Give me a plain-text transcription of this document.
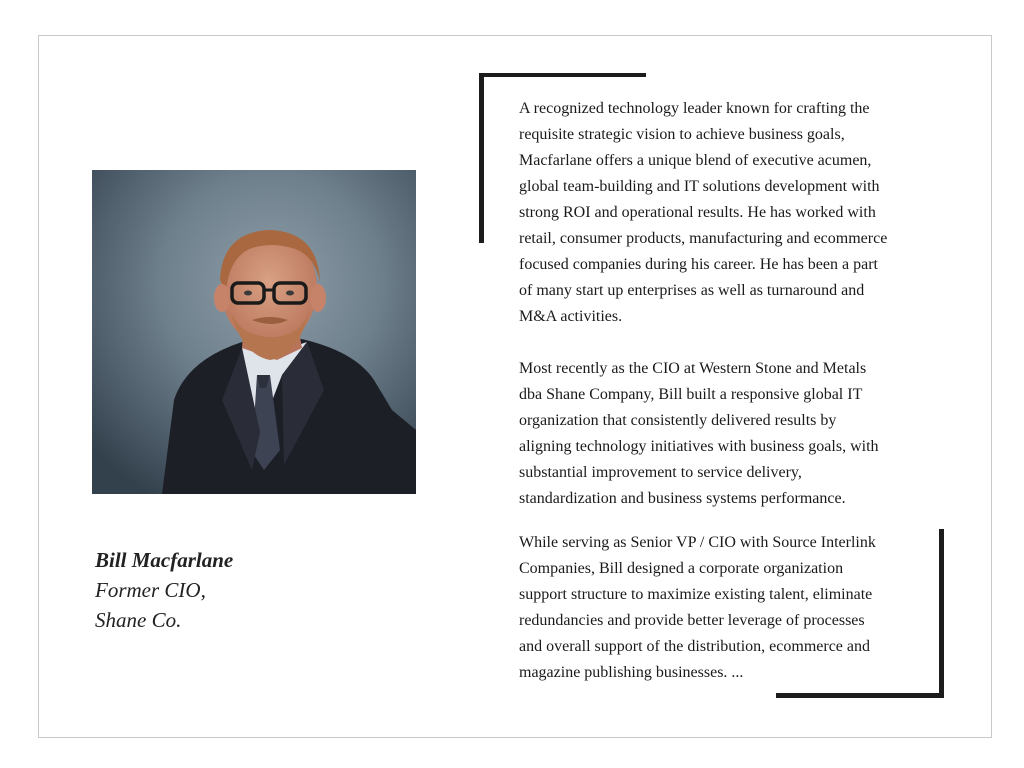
Bill Macfarlane
Former CIO,
Shane Co.

A recognized technology leader known for crafting the
requisite strategic vision to achieve business goals,
Macfarlane offers a unique blend of executive acumen,
global team-building and IT solutions development with
strong ROI and operational results. He has worked with
retail, consumer products, manufacturing and ecommerce
focused companies during his career. He has been a part
of many start up enterprises as well as turnaround and
M&A activities.

Most recently as the CIO at Western Stone and Metals
dba Shane Company, Bill built a responsive global IT
organization that consistently delivered results by
aligning technology initiatives with business goals, with
substantial improvement to service delivery,
standardization and business systems performance.

While serving as Senior VP / CIO with Source Interlink
Companies, Bill designed a corporate organization
support structure to maximize existing talent, eliminate
redundancies and provide better leverage of processes
and overall support of the distribution, ecommerce and
magazine publishing businesses. ...
